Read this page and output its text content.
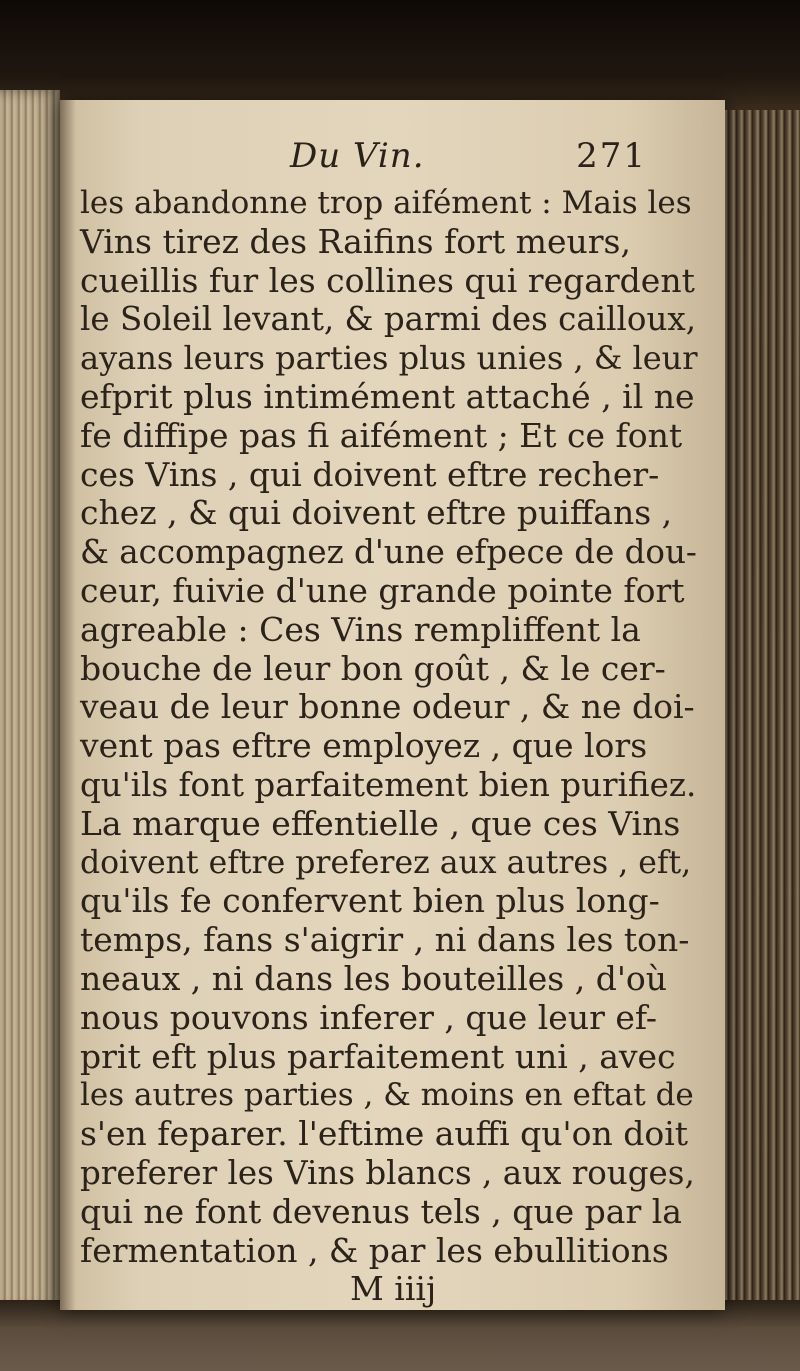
Du Vin.	271
les abandonne trop aifément : Mais les
Vins tirez des Raifins fort meurs,
cueillis fur les collines qui regardent
le Soleil levant, & parmi des cailloux,
ayans leurs parties plus unies , & leur
efprit plus intimément attaché , il ne
fe diffipe pas fi aifément ; Et ce font
ces Vins , qui doivent eftre recher-
chez , & qui doivent eftre puiffans ,
& accompagnez d'une efpece de dou-
ceur, fuivie d'une grande pointe fort
agreable : Ces Vins rempliffent la
bouche de leur bon goût , & le cer-
veau de leur bonne odeur , & ne doi-
vent pas eftre employez , que lors
qu'ils font parfaitement bien purifiez.
La marque effentielle , que ces Vins
doivent eftre preferez aux autres , eft,
qu'ils fe confervent bien plus long-
temps, fans s'aigrir , ni dans les ton-
neaux , ni dans les bouteilles , d'où
nous pouvons inferer , que leur ef-
prit eft plus parfaitement uni , avec
les autres parties , & moins en eftat de
s'en feparer. l'eftime auffi qu'on doit
preferer les Vins blancs , aux rouges,
qui ne font devenus tels , que par la
fermentation , & par les ebullitions
M iiij
